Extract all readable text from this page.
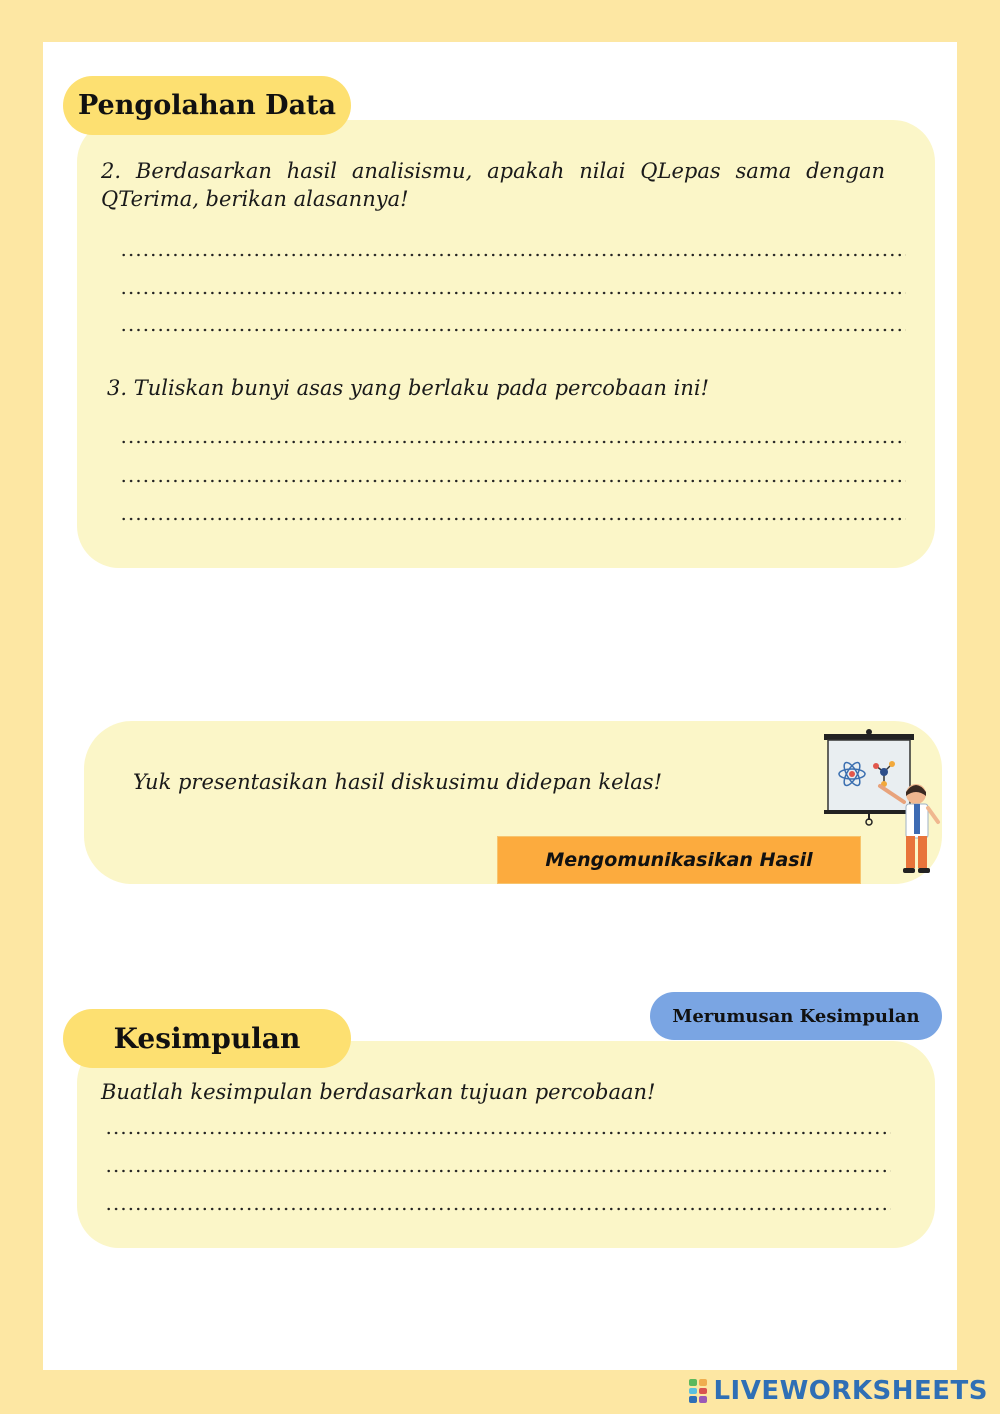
Pengolahan Data
2. Berdasarkan hasil analisismu, apakah nilai QLepas sama dengan QTerima, berikan alasannya!
3. Tuliskan bunyi asas yang berlaku pada percobaan ini!
Yuk presentasikan hasil diskusimu didepan kelas!
Mengomunikasikan Hasil
Merumusan Kesimpulan
Kesimpulan
Buatlah kesimpulan berdasarkan tujuan percobaan!
LIVEWORKSHEETS
